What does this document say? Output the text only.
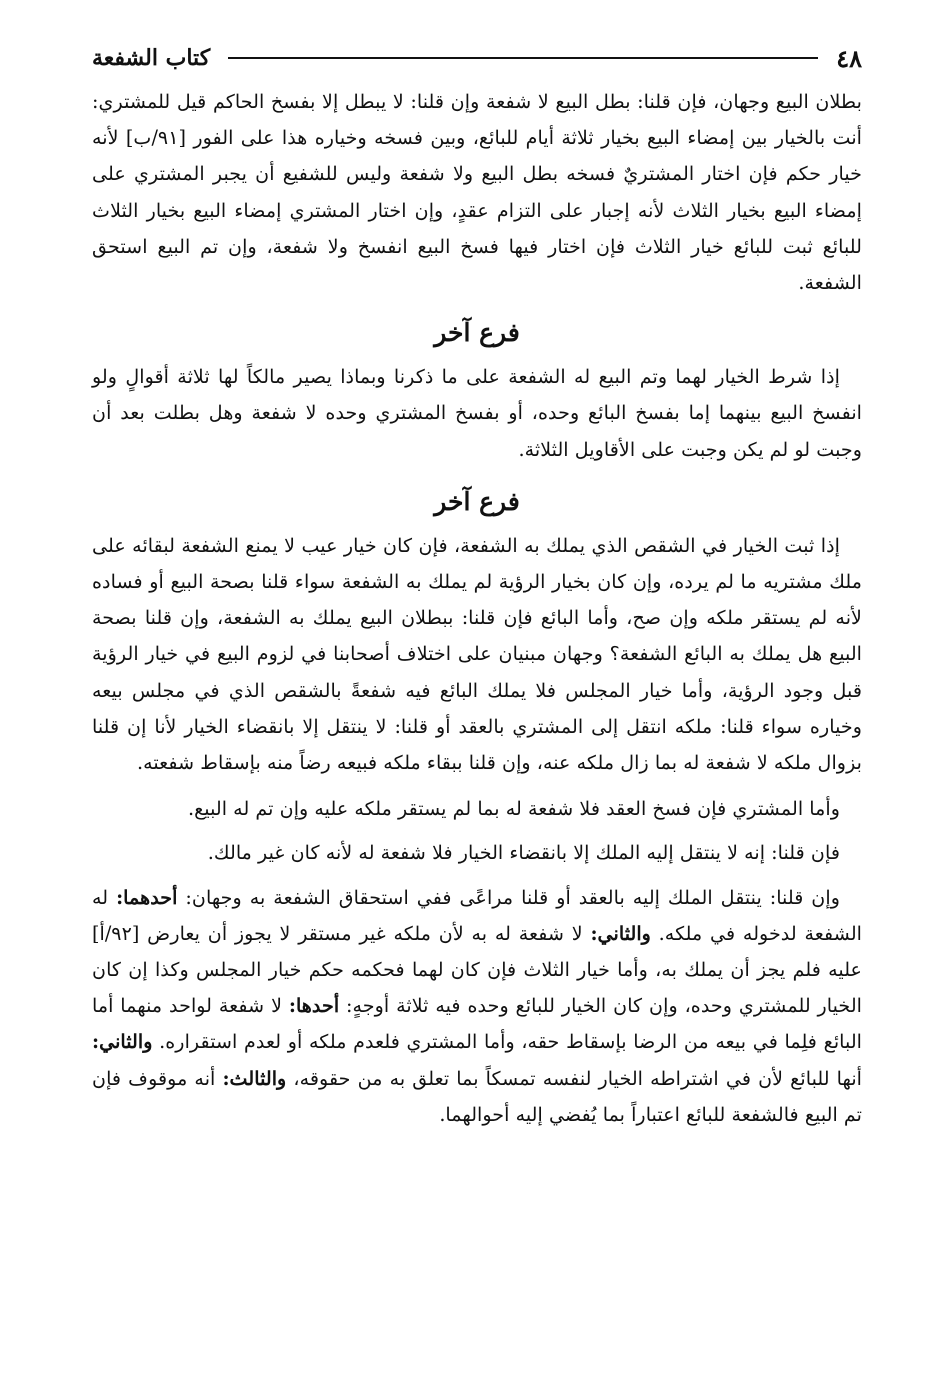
٤٨
كتاب الشفعة

بطلان البيع وجهان، فإن قلنا: بطل البيع لا شفعة وإن قلنا: لا يبطل إلا بفسخ الحاكم قيل للمشتري: أنت بالخيار بين إمضاء البيع بخيار ثلاثة أيام للبائع، وبين فسخه وخياره هذا على الفور [٩١/ب] لأنه خيار حكم فإن اختار المشتريٌ فسخه بطل البيع ولا شفعة وليس للشفيع أن يجبر المشتري على إمضاء البيع بخيار الثلاث لأنه إجبار على التزام عقدٍ، وإن اختار المشتري إمضاء البيع بخيار الثلاث للبائع ثبت للبائع خيار الثلاث فإن اختار فيها فسخ البيع انفسخ ولا شفعة، وإن تم البيع استحق الشفعة.

فرع آخر

إذا شرط الخيار لهما وتم البيع له الشفعة على ما ذكرنا وبماذا يصير مالكاً لها ثلاثة أقوالٍ ولو انفسخ البيع بينهما إما بفسخ البائع وحده، أو بفسخ المشتري وحده لا شفعة وهل بطلت بعد أن وجبت لو لم يكن وجبت على الأقاويل الثلاثة.

فرع آخر

إذا ثبت الخيار في الشقص الذي يملك به الشفعة، فإن كان خيار عيب لا يمنع الشفعة لبقائه على ملك مشتريه ما لم يرده، وإن كان بخيار الرؤية لم يملك به الشفعة سواء قلنا بصحة البيع أو فساده لأنه لم يستقر ملكه وإن صح، وأما البائع فإن قلنا: ببطلان البيع يملك به الشفعة، وإن قلنا بصحة البيع هل يملك به البائع الشفعة؟ وجهان مبنيان على اختلاف أصحابنا في لزوم البيع في خيار الرؤية قبل وجود الرؤية، وأما خيار المجلس فلا يملك البائع فيه شفعةً بالشقص الذي في مجلس بيعه وخياره سواء قلنا: ملكه انتقل إلى المشتري بالعقد أو قلنا: لا ينتقل إلا بانقضاء الخيار لأنا إن قلنا بزوال ملكه لا شفعة له بما زال ملكه عنه، وإن قلنا ببقاء ملكه فبيعه رضاً منه بإسقاط شفعته.

وأما المشتري فإن فسخ العقد فلا شفعة له بما لم يستقر ملكه عليه وإن تم له البيع.

فإن قلنا: إنه لا ينتقل إليه الملك إلا بانقضاء الخيار فلا شفعة له لأنه كان غير مالك.

وإن قلنا: ينتقل الملك إليه بالعقد أو قلنا مراعًى ففي استحقاق الشفعة به وجهان: أحدهما: له الشفعة لدخوله في ملكه. والثاني: لا شفعة له به لأن ملكه غير مستقر لا يجوز أن يعارض [٩٢/أ] عليه فلم يجز أن يملك به، وأما خيار الثلاث فإن كان لهما فحكمه حكم خيار المجلس وكذا إن كان الخيار للمشتري وحده، وإن كان الخيار للبائع وحده فيه ثلاثة أوجهٍ: أحدها: لا شفعة لواحد منهما أما البائع فلِما في بيعه من الرضا بإسقاط حقه، وأما المشتري فلعدم ملكه أو لعدم استقراره. والثاني: أنها للبائع لأن في اشتراطه الخيار لنفسه تمسكاً بما تعلق به من حقوقه، والثالث: أنه موقوف فإن تم البيع فالشفعة للبائع اعتباراً بما يُفضي إليه أحوالهما.
